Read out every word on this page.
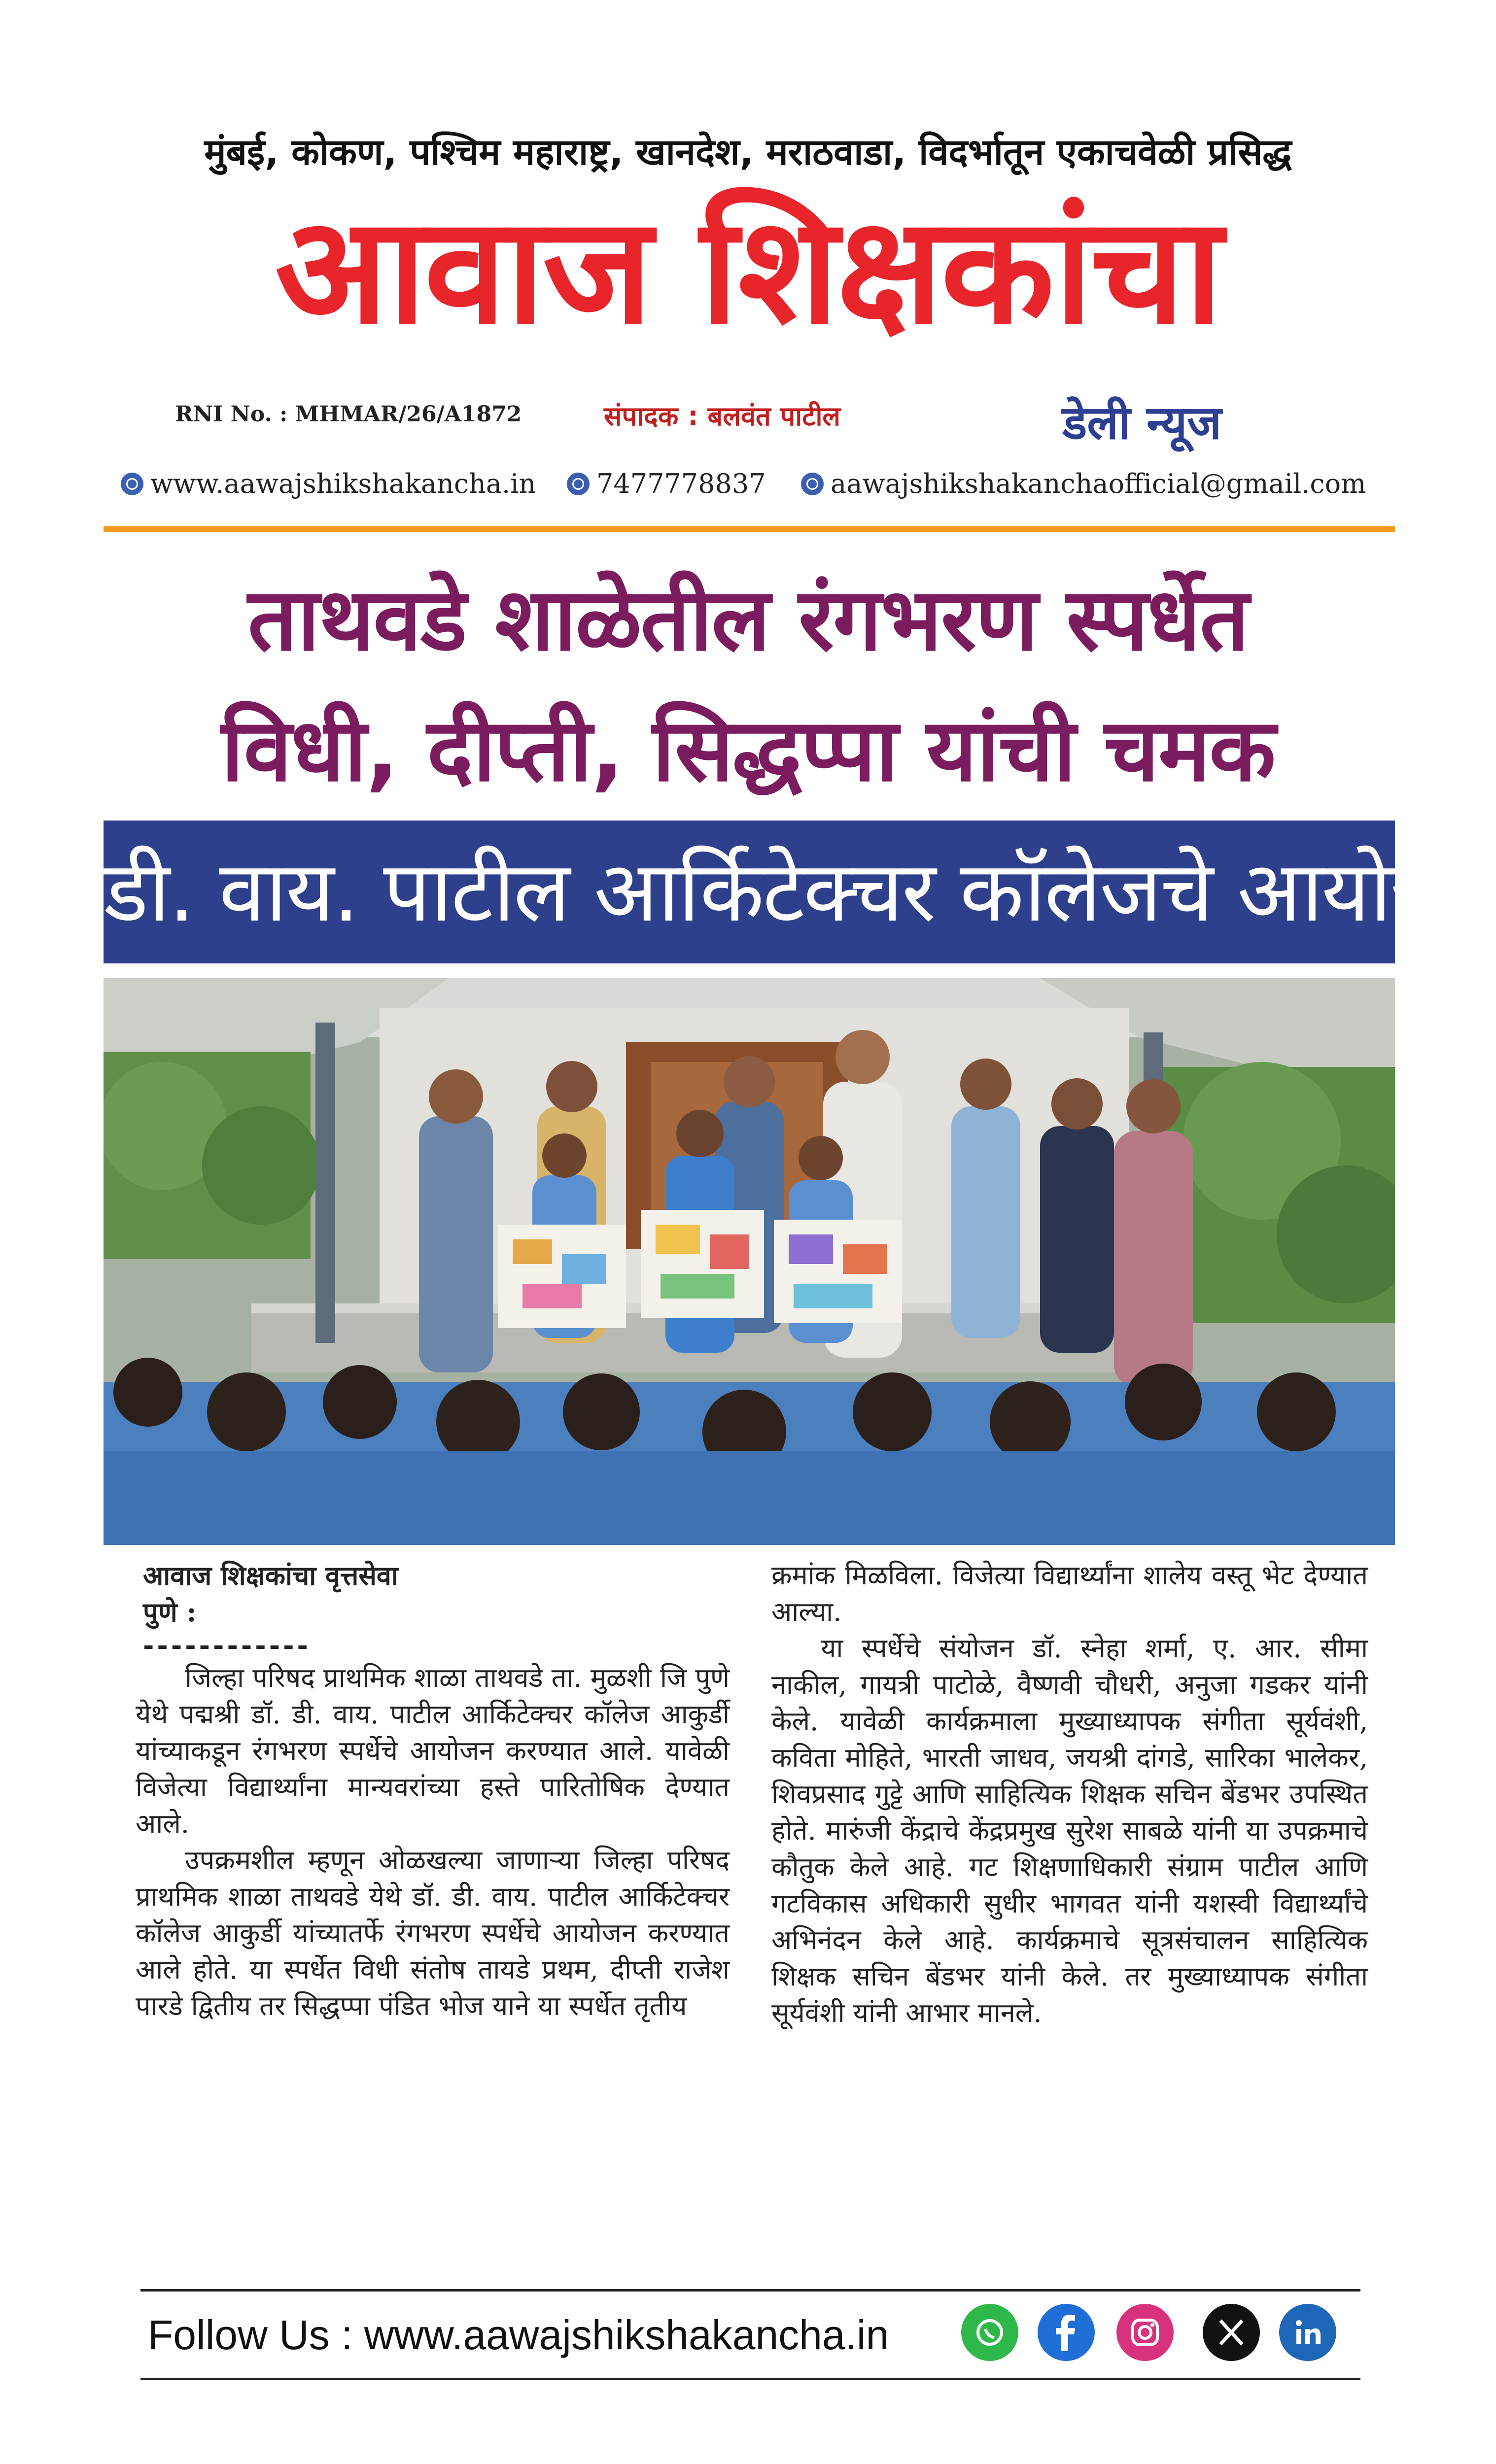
मुंबई, कोकण, पश्चिम महाराष्ट्र, खानदेश, मराठवाडा, विदर्भातून एकाचवेळी प्रसिद्ध
आवाज शिक्षकांचा
RNI No. : MHMAR/26/A1872	संपादक : बलवंत पाटील	डेली न्यूज
www.aawajshikshakancha.in 7477778837 aawajshikshakanchaofficial@gmail.com
ताथवडे शाळेतील रंगभरण स्पर्धेत
विधी, दीप्ती, सिद्धप्पा यांची चमक
डी. वाय. पाटील आर्किटेक्चर कॉलेजचे आयोजन
आवाज शिक्षकांचा वृत्तसेवा
पुणे :
------------

जिल्हा परिषद प्राथमिक शाळा ताथवडे ता. मुळशी जि पुणे येथे पद्मश्री डॉ. डी. वाय. पाटील आर्किटेक्चर कॉलेज आकुर्डी यांच्याकडून रंगभरण स्पर्धेचे आयोजन करण्यात आले. यावेळी विजेत्या विद्यार्थ्यांना मान्यवरांच्या हस्ते पारितोषिक देण्यात आले.

उपक्रमशील म्हणून ओळखल्या जाणाऱ्या जिल्हा परिषद प्राथमिक शाळा ताथवडे येथे डॉ. डी. वाय. पाटील आर्किटेक्चर कॉलेज आकुर्डी यांच्यातर्फे रंगभरण स्पर्धेचे आयोजन करण्यात आले होते. या स्पर्धेत विधी संतोष तायडे प्रथम, दीप्ती राजेश पारडे द्वितीय तर सिद्धप्पा पंडित भोज याने या स्पर्धेत तृतीय

क्रमांक मिळविला. विजेत्या विद्यार्थ्यांना शालेय वस्तू भेट देण्यात आल्या.

या स्पर्धेचे संयोजन डॉ. स्नेहा शर्मा, ए. आर. सीमा नाकील, गायत्री पाटोळे, वैष्णवी चौधरी, अनुजा गडकर यांनी केले. यावेळी कार्यक्रमाला मुख्याध्यापक संगीता सूर्यवंशी, कविता मोहिते, भारती जाधव, जयश्री दांगडे, सारिका भालेकर, शिवप्रसाद गुट्टे आणि साहित्यिक शिक्षक सचिन बेंडभर उपस्थित होते. मारुंजी केंद्राचे केंद्रप्रमुख सुरेश साबळे यांनी या उपक्रमाचे कौतुक केले आहे. गट शिक्षणाधिकारी संग्राम पाटील आणि गटविकास अधिकारी सुधीर भागवत यांनी यशस्वी विद्यार्थ्यांचे अभिनंदन केले आहे. कार्यक्रमाचे सूत्रसंचालन साहित्यिक शिक्षक सचिन बेंडभर यांनी केले. तर मुख्याध्यापक संगीता सूर्यवंशी यांनी आभार मानले.

Follow Us : www.aawajshikshakancha.in
